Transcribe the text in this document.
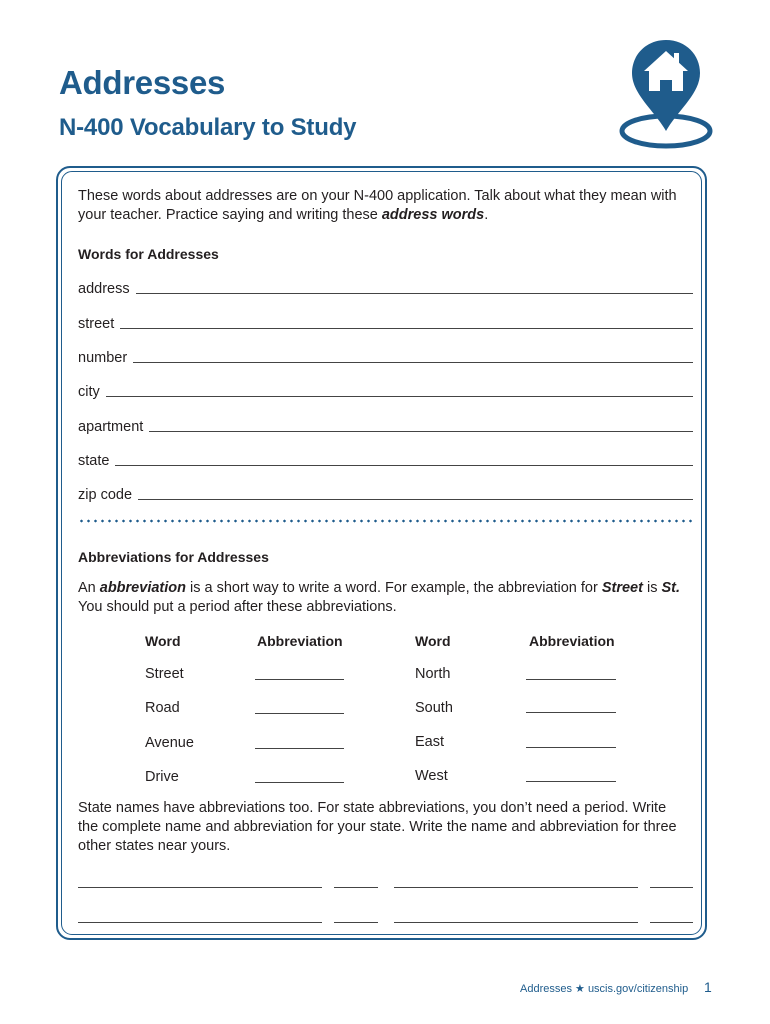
Addresses
N-400 Vocabulary to Study
These words about addresses are on your N-400 application. Talk about what they mean with
your teacher. Practice saying and writing these address words.
Words for Addresses
address
street
number
city
apartment
state
zip code
Abbreviations for Addresses
An abbreviation is a short way to write a word. For example, the abbreviation for Street is St.
You should put a period after these abbreviations.
Word	Abbreviation	Word	Abbreviation
Street	North
Road	South
Avenue	East
Drive	West
State names have abbreviations too. For state abbreviations, you don’t need a period. Write
the complete name and abbreviation for your state. Write the name and abbreviation for three
other states near yours.
Addresses ★ uscis.gov/citizenship 1
